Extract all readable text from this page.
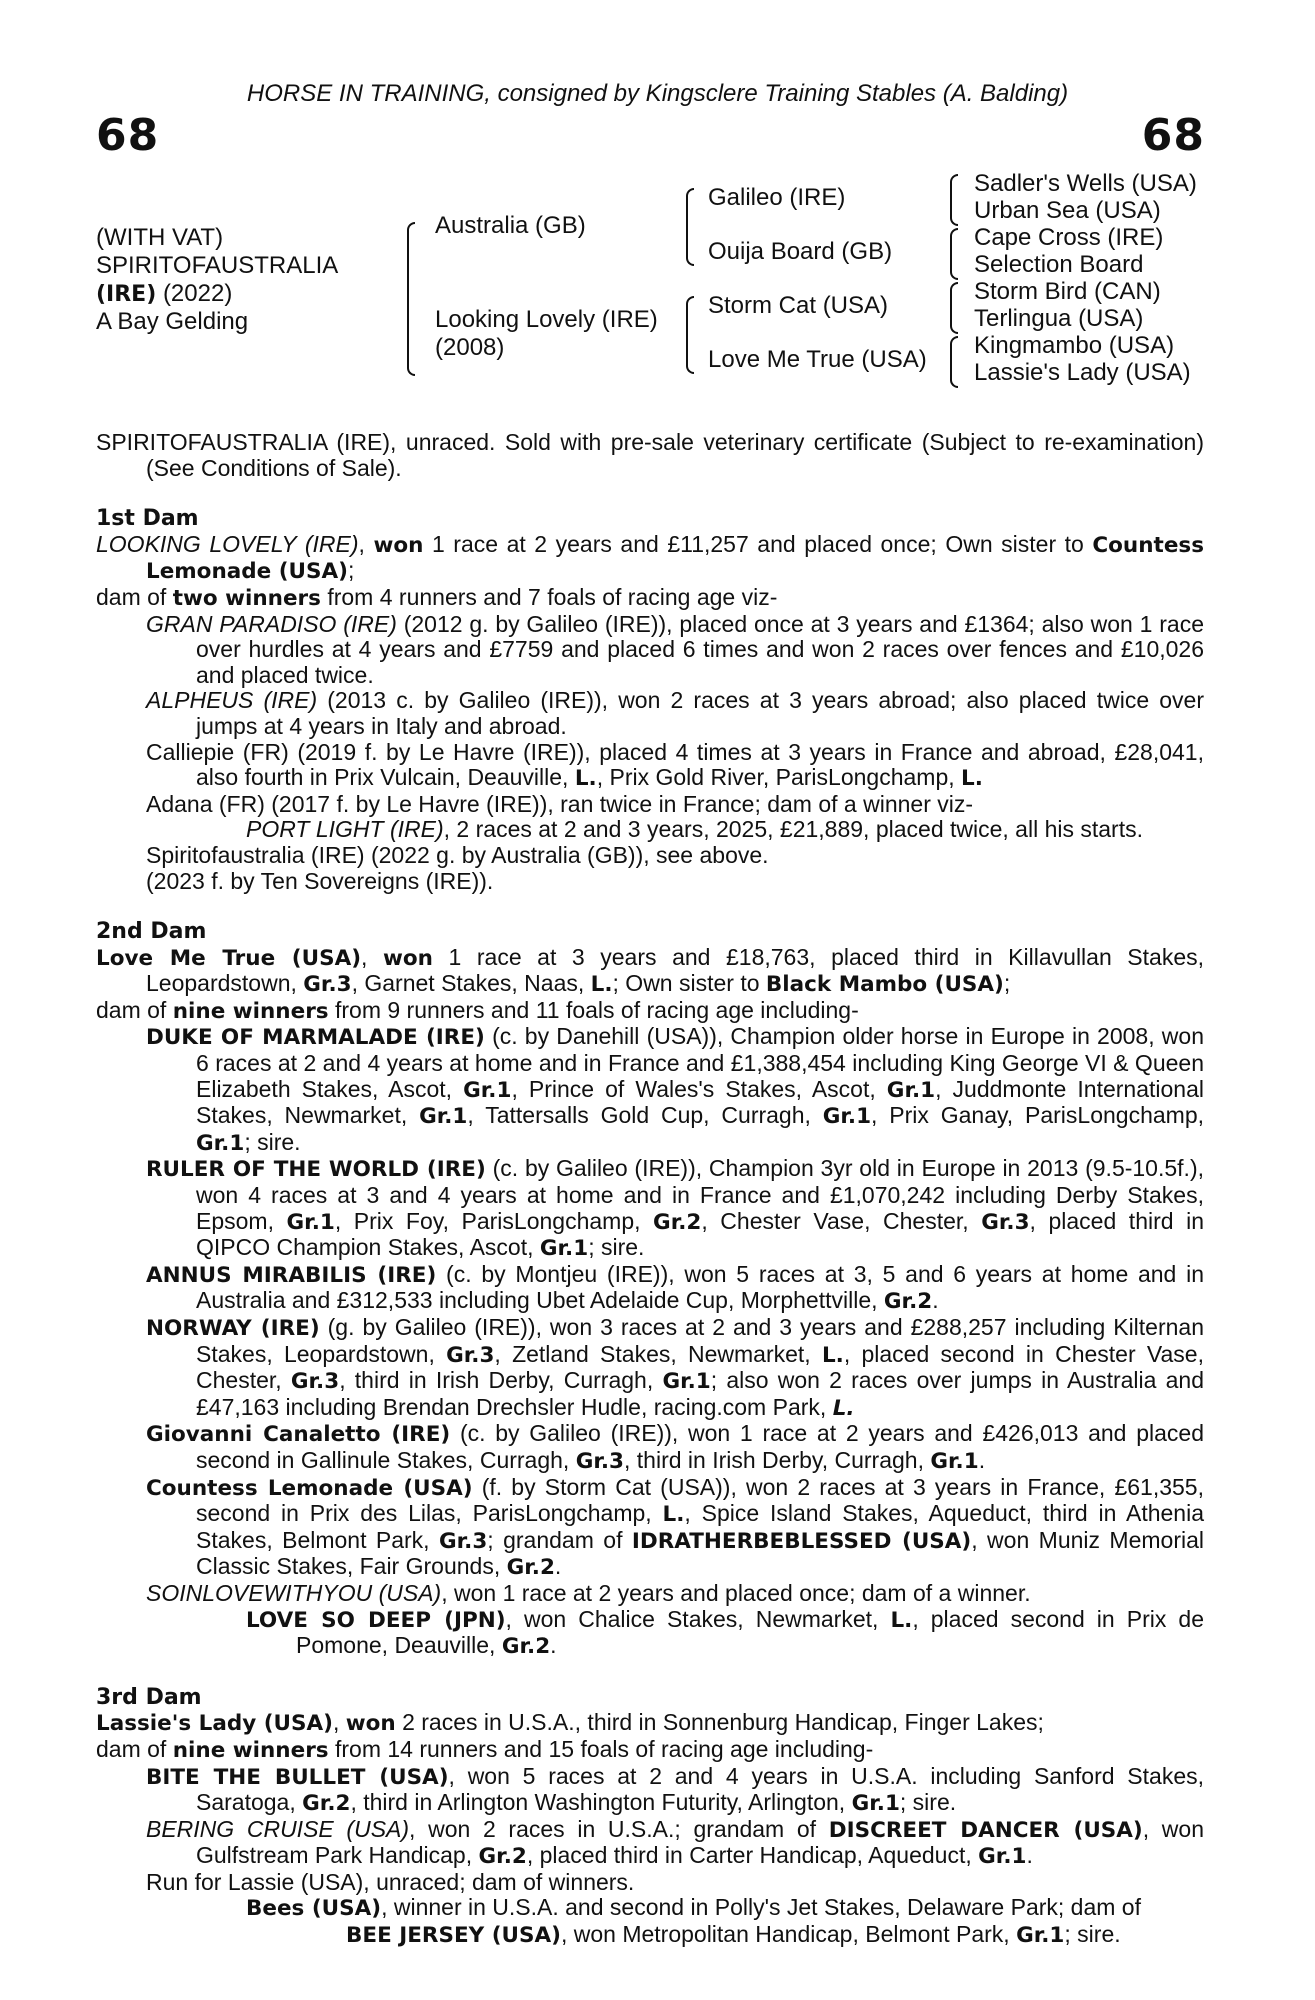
HORSE IN TRAINING, consigned by Kingsclere Training Stables (A. Balding)
68	68
(WITH VAT)
SPIRITOFAUSTRALIA
(IRE) (2022)
A Bay Gelding
Australia (GB)
Looking Lovely (IRE)
(2008)
Galileo (IRE)
Ouija Board (GB)
Storm Cat (USA)
Love Me True (USA)
Sadler's Wells (USA)
Urban Sea (USA)
Cape Cross (IRE)
Selection Board
Storm Bird (CAN)
Terlingua (USA)
Kingmambo (USA)
Lassie's Lady (USA)

SPIRITOFAUSTRALIA (IRE), unraced. Sold with pre-sale veterinary certificate (Subject to re-examination) (See Conditions of Sale).

1st Dam

LOOKING LOVELY (IRE), won 1 race at 2 years and £11,257 and placed once; Own sister to Countess Lemonade (USA);

dam of two winners from 4 runners and 7 foals of racing age viz-

GRAN PARADISO (IRE) (2012 g. by Galileo (IRE)), placed once at 3 years and £1364; also won 1 race over hurdles at 4 years and £7759 and placed 6 times and won 2 races over fences and £10,026 and placed twice.

ALPHEUS (IRE) (2013 c. by Galileo (IRE)), won 2 races at 3 years abroad; also placed twice over jumps at 4 years in Italy and abroad.

Calliepie (FR) (2019 f. by Le Havre (IRE)), placed 4 times at 3 years in France and abroad, £28,041, also fourth in Prix Vulcain, Deauville, L., Prix Gold River, ParisLongchamp, L.

Adana (FR) (2017 f. by Le Havre (IRE)), ran twice in France; dam of a winner viz-

PORT LIGHT (IRE), 2 races at 2 and 3 years, 2025, £21,889, placed twice, all his starts.

Spiritofaustralia (IRE) (2022 g. by Australia (GB)), see above.

(2023 f. by Ten Sovereigns (IRE)).

2nd Dam

Love Me True (USA), won 1 race at 3 years and £18,763, placed third in Killavullan Stakes, Leopardstown, Gr.3, Garnet Stakes, Naas, L.; Own sister to Black Mambo (USA);

dam of nine winners from 9 runners and 11 foals of racing age including-

DUKE OF MARMALADE (IRE) (c. by Danehill (USA)), Champion older horse in Europe in 2008, won 6 races at 2 and 4 years at home and in France and £1,388,454 including King George VI & Queen Elizabeth Stakes, Ascot, Gr.1, Prince of Wales's Stakes, Ascot, Gr.1, Juddmonte International Stakes, Newmarket, Gr.1, Tattersalls Gold Cup, Curragh, Gr.1, Prix Ganay, ParisLongchamp, Gr.1; sire.

RULER OF THE WORLD (IRE) (c. by Galileo (IRE)), Champion 3yr old in Europe in 2013 (9.5-10.5f.), won 4 races at 3 and 4 years at home and in France and £1,070,242 including Derby Stakes, Epsom, Gr.1, Prix Foy, ParisLongchamp, Gr.2, Chester Vase, Chester, Gr.3, placed third in QIPCO Champion Stakes, Ascot, Gr.1; sire.

ANNUS MIRABILIS (IRE) (c. by Montjeu (IRE)), won 5 races at 3, 5 and 6 years at home and in Australia and £312,533 including Ubet Adelaide Cup, Morphettville, Gr.2.

NORWAY (IRE) (g. by Galileo (IRE)), won 3 races at 2 and 3 years and £288,257 including Kilternan Stakes, Leopardstown, Gr.3, Zetland Stakes, Newmarket, L., placed second in Chester Vase, Chester, Gr.3, third in Irish Derby, Curragh, Gr.1; also won 2 races over jumps in Australia and £47,163 including Brendan Drechsler Hudle, racing.com Park, L.

Giovanni Canaletto (IRE) (c. by Galileo (IRE)), won 1 race at 2 years and £426,013 and placed second in Gallinule Stakes, Curragh, Gr.3, third in Irish Derby, Curragh, Gr.1.

Countess Lemonade (USA) (f. by Storm Cat (USA)), won 2 races at 3 years in France, £61,355, second in Prix des Lilas, ParisLongchamp, L., Spice Island Stakes, Aqueduct, third in Athenia Stakes, Belmont Park, Gr.3; grandam of IDRATHERBEBLESSED (USA), won Muniz Memorial Classic Stakes, Fair Grounds, Gr.2.

SOINLOVEWITHYOU (USA), won 1 race at 2 years and placed once; dam of a winner.

LOVE SO DEEP (JPN), won Chalice Stakes, Newmarket, L., placed second in Prix de Pomone, Deauville, Gr.2.

3rd Dam

Lassie's Lady (USA), won 2 races in U.S.A., third in Sonnenburg Handicap, Finger Lakes;

dam of nine winners from 14 runners and 15 foals of racing age including-

BITE THE BULLET (USA), won 5 races at 2 and 4 years in U.S.A. including Sanford Stakes, Saratoga, Gr.2, third in Arlington Washington Futurity, Arlington, Gr.1; sire.

BERING CRUISE (USA), won 2 races in U.S.A.; grandam of DISCREET DANCER (USA), won Gulfstream Park Handicap, Gr.2, placed third in Carter Handicap, Aqueduct, Gr.1.

Run for Lassie (USA), unraced; dam of winners.

Bees (USA), winner in U.S.A. and second in Polly's Jet Stakes, Delaware Park; dam of

BEE JERSEY (USA), won Metropolitan Handicap, Belmont Park, Gr.1; sire.
